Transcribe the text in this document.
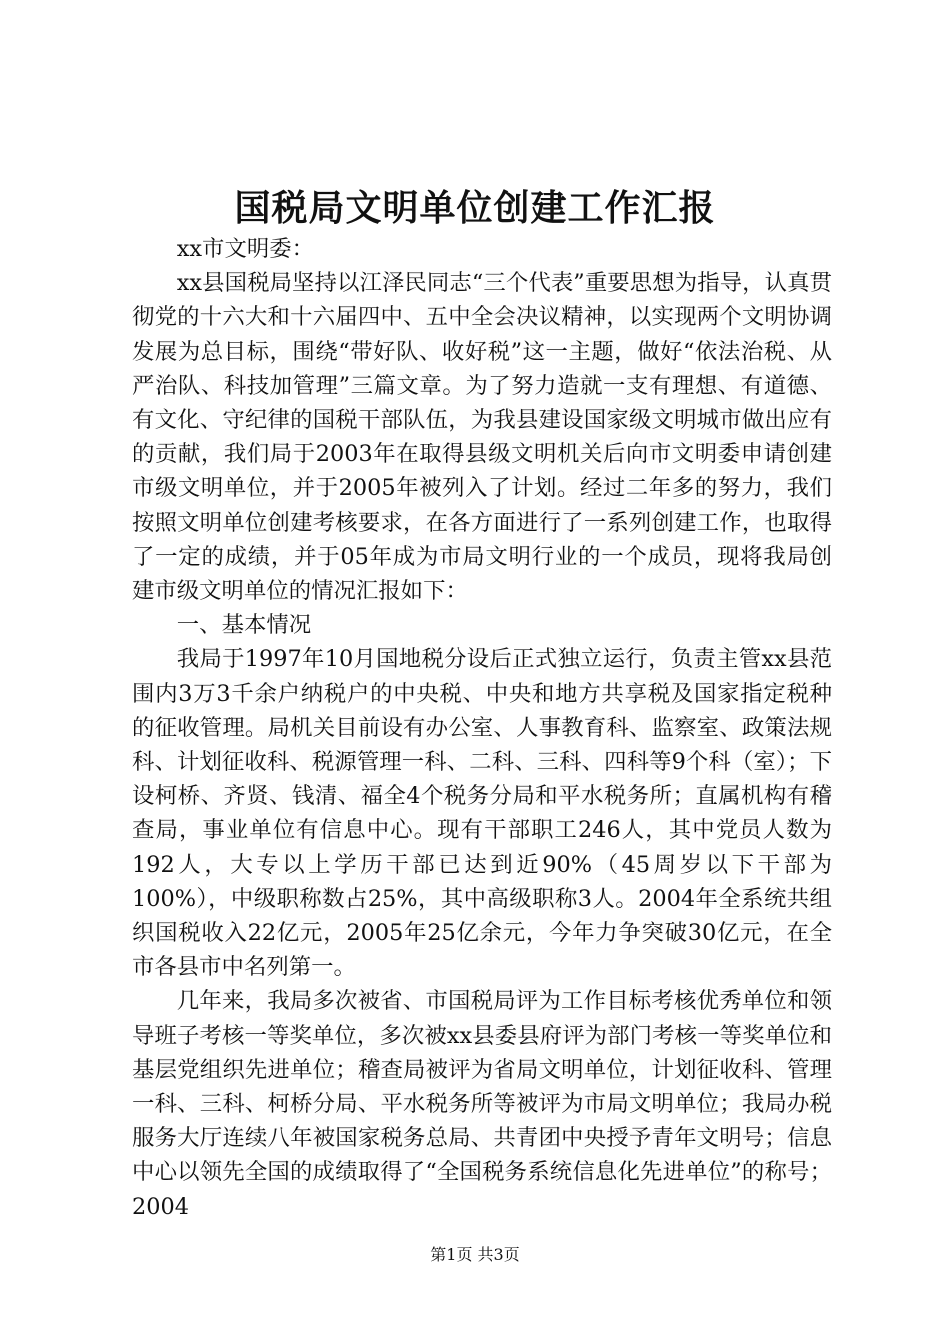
国税局文明单位创建工作汇报

xx市文明委：

xx县国税局坚持以江泽民同志“三个代表”重要思想为指导，认真贯彻党的十六大和十六届四中、五中全会决议精神，以实现两个文明协调发展为总目标，围绕“带好队、收好税”这一主题，做好“依法治税、从严治队、科技加管理”三篇文章。为了努力造就一支有理想、有道德、有文化、守纪律的国税干部队伍，为我县建设国家级文明城市做出应有的贡献，我们局于2003年在取得县级文明机关后向市文明委申请创建市级文明单位，并于2005年被列入了计划。经过二年多的努力，我们按照文明单位创建考核要求，在各方面进行了一系列创建工作，也取得了一定的成绩，并于05年成为市局文明行业的一个成员，现将我局创建市级文明单位的情况汇报如下：

一、基本情况

我局于1997年10月国地税分设后正式独立运行，负责主管xx县范围内3万3千余户纳税户的中央税、中央和地方共享税及国家指定税种的征收管理。局机关目前设有办公室、人事教育科、监察室、政策法规科、计划征收科、税源管理一科、二科、三科、四科等9个科（室）；下设柯桥、齐贤、钱清、福全4个税务分局和平水税务所；直属机构有稽查局，事业单位有信息中心。现有干部职工246人，其中党员人数为192人，大专以上学历干部已达到近90%（45周岁以下干部为100%），中级职称数占25%，其中高级职称3人。2004年全系统共组织国税收入22亿元，2005年25亿余元，今年力争突破30亿元，在全市各县市中名列第一。

几年来，我局多次被省、市国税局评为工作目标考核优秀单位和领导班子考核一等奖单位，多次被xx县委县府评为部门考核一等奖单位和基层党组织先进单位；稽查局被评为省局文明单位，计划征收科、管理一科、三科、柯桥分局、平水税务所等被评为市局文明单位；我局办税服务大厅连续八年被国家税务总局、共青团中央授予青年文明号；信息中心以领先全国的成绩取得了“全国税务系统信息化先进单位”的称号；2004

第1页 共3页
